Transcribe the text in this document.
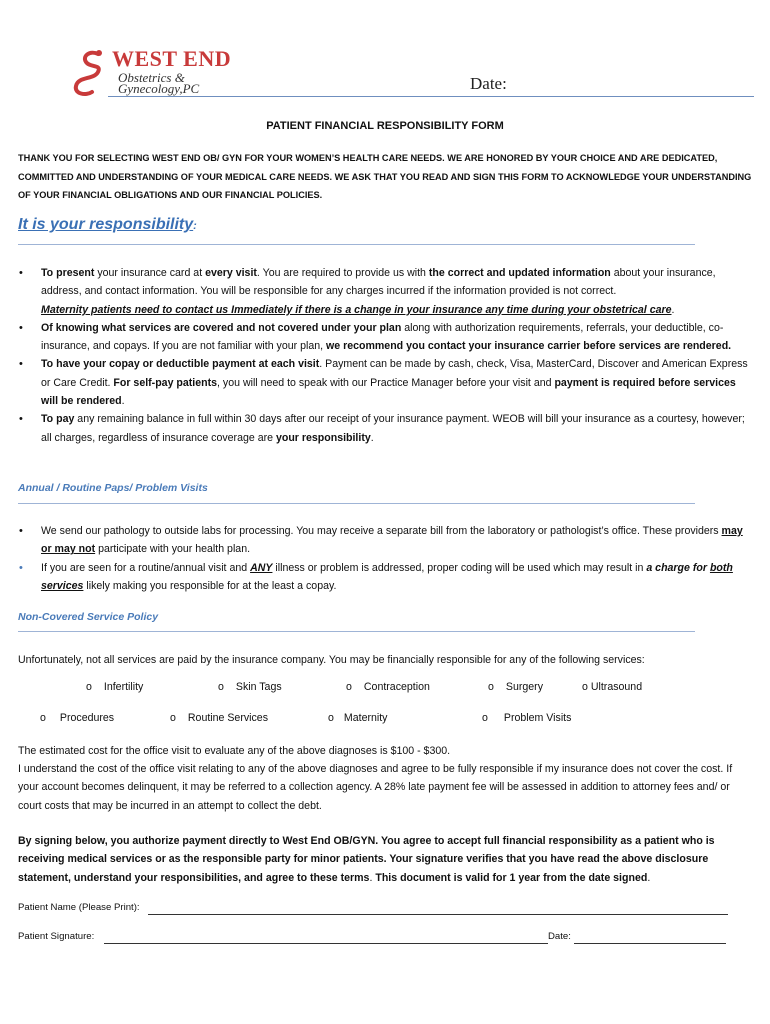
WEST END
Obstetrics &
Gynecology,PC	Date:
PATIENT FINANCIAL RESPONSIBILITY FORM
THANK YOU FOR SELECTING WEST END OB/ GYN FOR YOUR WOMEN’S HEALTH CARE NEEDS. WE ARE HONORED BY YOUR CHOICE AND ARE DEDICATED,
COMMITTED AND UNDERSTANDING OF YOUR MEDICAL CARE NEEDS. WE ASK THAT YOU READ AND SIGN THIS FORM TO ACKNOWLEDGE YOUR UNDERSTANDING
OF YOUR FINANCIAL OBLIGATIONS AND OUR FINANCIAL POLICIES.
It is your responsibility:
• To present your insurance card at every visit. You are required to provide us with the correct and updated information about your insurance, address, and contact information. You will be responsible for any charges incurred if the information provided is not correct.
Maternity patients need to contact us Immediately if there is a change in your insurance any time during your obstetrical care.
• Of knowing what services are covered and not covered under your plan along with authorization requirements, referrals, your deductible, co-insurance, and copays. If you are not familiar with your plan, we recommend you contact your insurance carrier before services are rendered.
• To have your copay or deductible payment at each visit. Payment can be made by cash, check, Visa, MasterCard, Discover and American Express or Care Credit. For self-pay patients, you will need to speak with our Practice Manager before your visit and payment is required before services will be rendered.
• To pay any remaining balance in full within 30 days after our receipt of your insurance payment. WEOB will bill your insurance as a courtesy, however; all charges, regardless of insurance coverage are your responsibility.
Annual / Routine Paps/ Problem Visits
• We send our pathology to outside labs for processing. You may receive a separate bill from the laboratory or pathologist’s office. These providers may or may not participate with your health plan.
• If you are seen for a routine/annual visit and ANY illness or problem is addressed, proper coding will be used which may result in a charge for both services likely making you responsible for at the least a copay.
Non-Covered Service Policy
Unfortunately, not all services are paid by the insurance company. You may be financially responsible for any of the following services:
o Infertility	o Skin Tags	o Contraception	o Surgery	o Ultrasound
o Procedures	o Routine Services	o Maternity	o Problem Visits
The estimated cost for the office visit to evaluate any of the above diagnoses is $100 - $300.
I understand the cost of the office visit relating to any of the above diagnoses and agree to be fully responsible if my insurance does not cover the cost. If your account becomes delinquent, it may be referred to a collection agency. A 28% late payment fee will be assessed in addition to attorney fees and/ or court costs that may be incurred in an attempt to collect the debt.
By signing below, you authorize payment directly to West End OB/GYN. You agree to accept full financial responsibility as a patient who is receiving medical services or as the responsible party for minor patients. Your signature verifies that you have read the above disclosure statement, understand your responsibilities, and agree to these terms. This document is valid for 1 year from the date signed.
Patient Name (Please Print):
Patient Signature:	Date:
